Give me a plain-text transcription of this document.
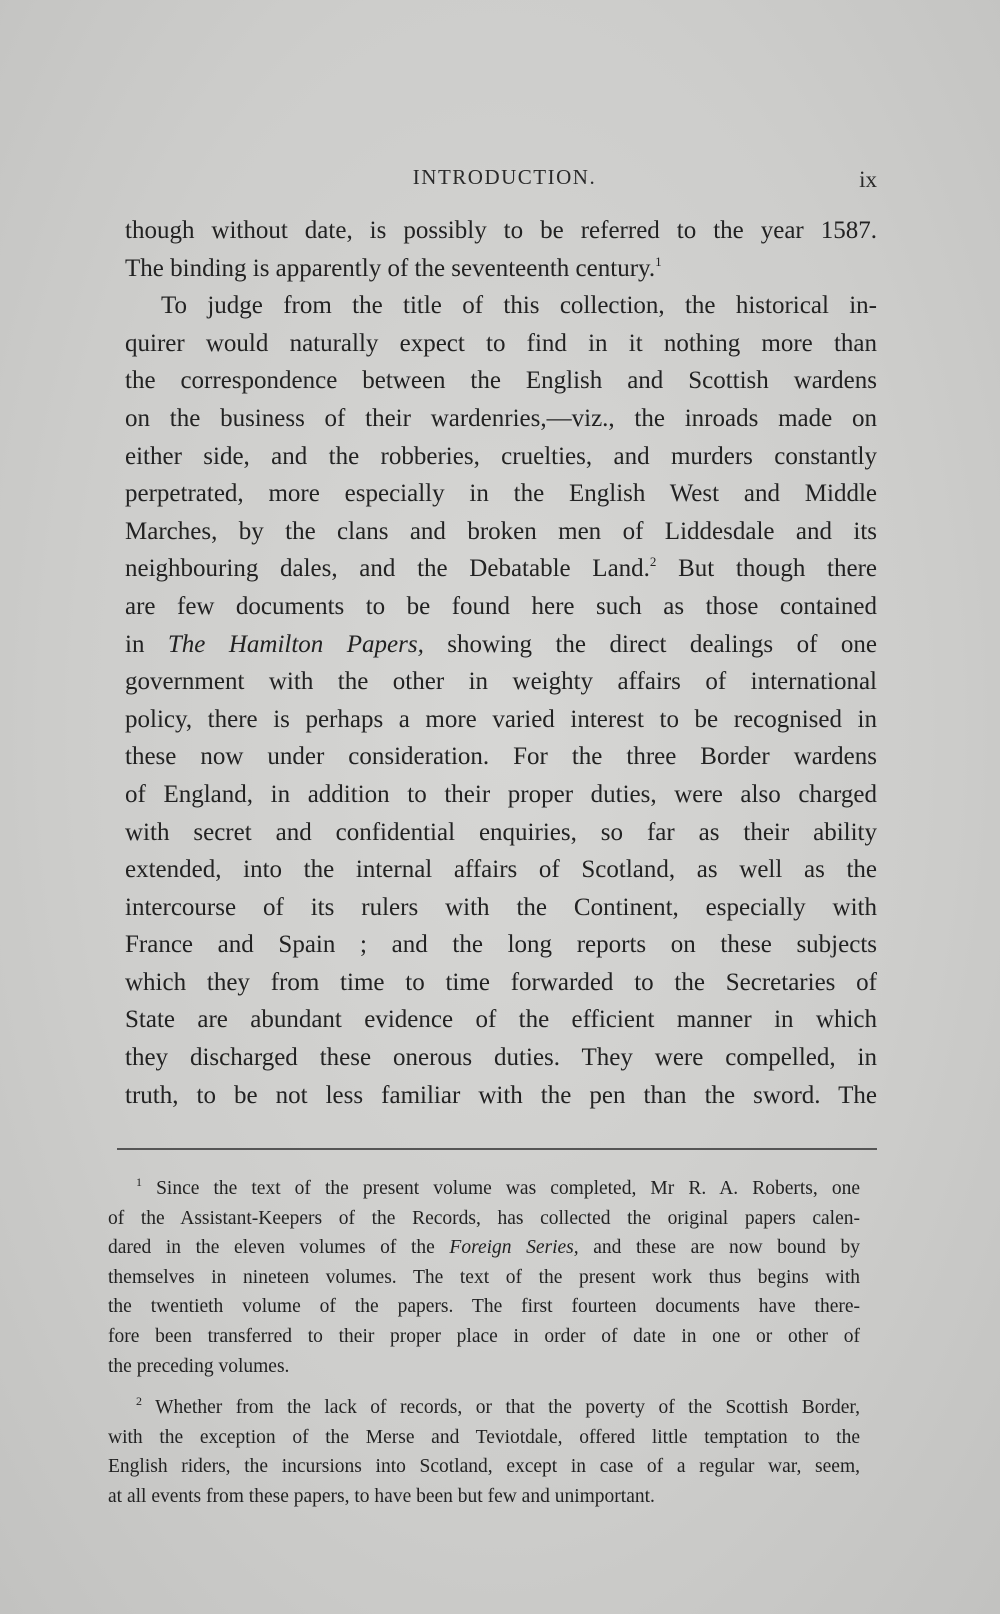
INTRODUCTION.	ix
though without date, is possibly to be referred to the year 1587.
The binding is apparently of the seventeenth century.$^1$
To judge from the title of this collection, the historical in-
quirer would naturally expect to find in it nothing more than
the correspondence between the English and Scottish wardens
on the business of their wardenries,—viz., the inroads made on
either side, and the robberies, cruelties, and murders constantly
perpetrated, more especially in the English West and Middle
Marches, by the clans and broken men of Liddesdale and its
neighbouring dales, and the Debatable Land.$^2$ But though there
are few documents to be found here such as those contained
in The Hamilton Papers, showing the direct dealings of one
government with the other in weighty affairs of international
policy, there is perhaps a more varied interest to be recognised in
these now under consideration. For the three Border wardens
of England, in addition to their proper duties, were also charged
with secret and confidential enquiries, so far as their ability
extended, into the internal affairs of Scotland, as well as the
intercourse of its rulers with the Continent, especially with
France and Spain ; and the long reports on these subjects
which they from time to time forwarded to the Secretaries of
State are abundant evidence of the efficient manner in which
they discharged these onerous duties. They were compelled, in
truth, to be not less familiar with the pen than the sword. The
$^1$ Since the text of the present volume was completed, Mr R. A. Roberts, one
of the Assistant-Keepers of the Records, has collected the original papers calen-
dared in the eleven volumes of the Foreign Series, and these are now bound by
themselves in nineteen volumes. The text of the present work thus begins with
the twentieth volume of the papers. The first fourteen documents have there-
fore been transferred to their proper place in order of date in one or other of
the preceding volumes.
$^2$ Whether from the lack of records, or that the poverty of the Scottish Border,
with the exception of the Merse and Teviotdale, offered little temptation to the
English riders, the incursions into Scotland, except in case of a regular war, seem,
at all events from these papers, to have been but few and unimportant.
